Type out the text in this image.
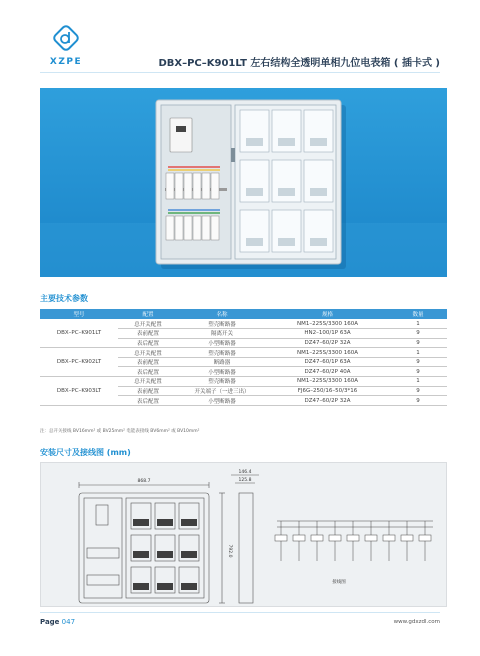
XZPE	DBX–PC–K901LT 左右结构全透明单相九位电表箱 ( 插卡式 )
主要技术参数
型号	配置	名称	规格	数量
DBX–PC–K901LT	总开关配置	塑壳断路器	NM1–225S/3300 160A	1
	表前配置	隔离开关	HN2–100/1P 63A	9
	表后配置	小型断路器	DZ47–60/2P 32A	9
DBX–PC–K902LT	总开关配置	塑壳断路器	NM1–225S/3300 160A	1
	表前配置	断路器	DZ47–60/1P 63A	9
	表后配置	小型断路器	DZ47–60/2P 40A	9
DBX–PC–K903LT	总开关配置	塑壳断路器	NM1–225S/3300 160A	1
	表前配置	开关端子（一进三出）	FJ6G–250/16–50/3*16	9
	表后配置	小型断路器	DZ47–60/2P 32A	9
注：总开关接线 BV16mm² 或 BV25mm² 电能表接线 BV6mm² 或 BV10mm²
安装尺寸及接线图 (mm)
868.7
792.0
146.4
125.8
接线图
Page 047	www.gdxzdl.com
